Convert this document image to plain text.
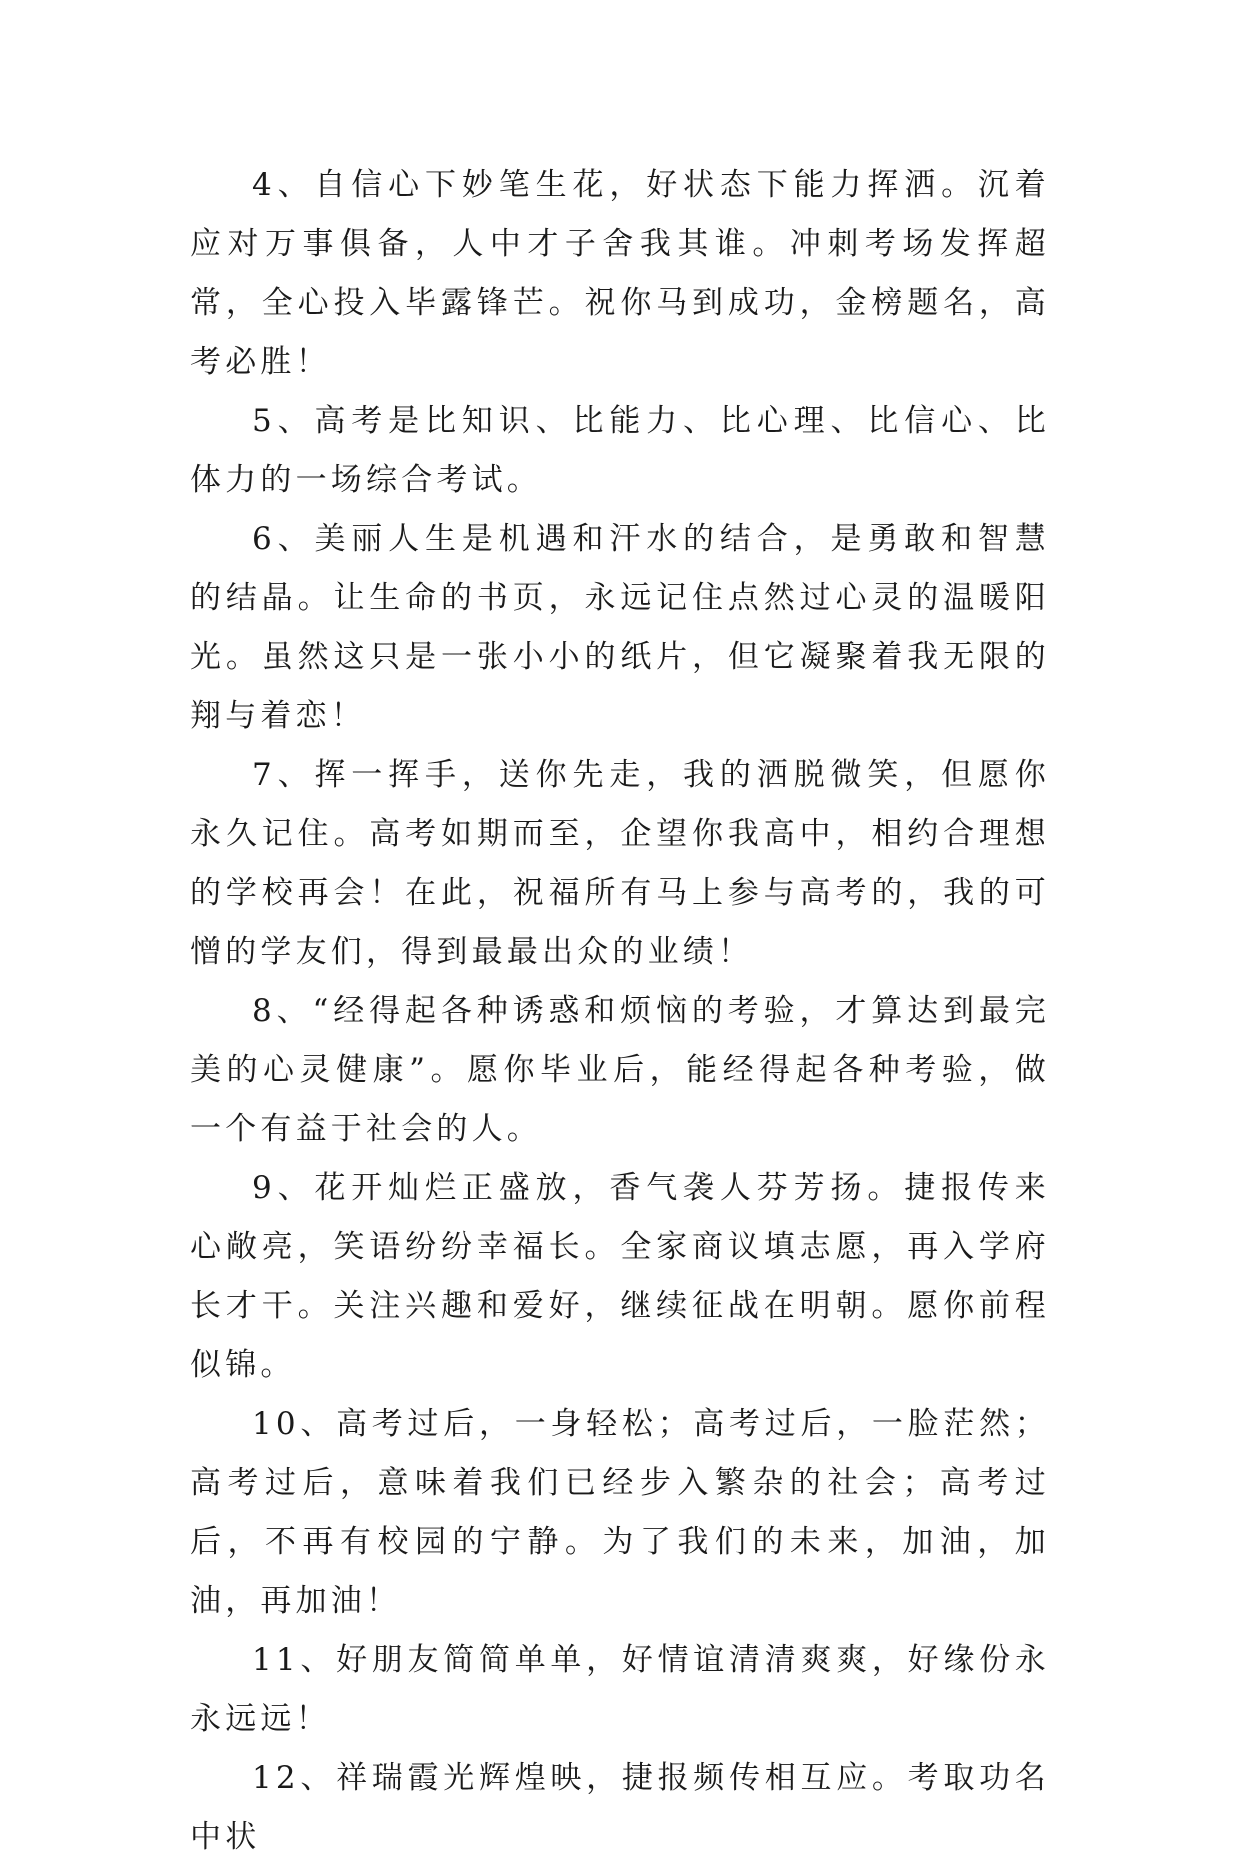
4、自信心下妙笔生花，好状态下能力挥洒。沉着应对万事俱备，人中才子舍我其谁。冲刺考场发挥超常，全心投入毕露锋芒。祝你马到成功，金榜题名，高考必胜！

5、高考是比知识、比能力、比心理、比信心、比体力的一场综合考试。

6、美丽人生是机遇和汗水的结合，是勇敢和智慧的结晶。让生命的书页，永远记住点然过心灵的温暖阳光。虽然这只是一张小小的纸片，但它凝聚着我无限的翔与着恋！

7、挥一挥手，送你先走，我的洒脱微笑，但愿你永久记住。高考如期而至，企望你我高中，相约合理想的学校再会！在此，祝福所有马上参与高考的，我的可憎的学友们，得到最最出众的业绩！

8、“经得起各种诱惑和烦恼的考验，才算达到最完美的心灵健康”。愿你毕业后，能经得起各种考验，做一个有益于社会的人。

9、花开灿烂正盛放，香气袭人芬芳扬。捷报传来心敞亮，笑语纷纷幸福长。全家商议填志愿，再入学府长才干。关注兴趣和爱好，继续征战在明朝。愿你前程似锦。

10、高考过后，一身轻松；高考过后，一脸茫然；高考过后，意味着我们已经步入繁杂的社会；高考过后，不再有校园的宁静。为了我们的未来，加油，加油，再加油！

11、好朋友简简单单，好情谊清清爽爽，好缘份永永远远！

12、祥瑞霞光辉煌映，捷报频传相互应。考取功名中状
